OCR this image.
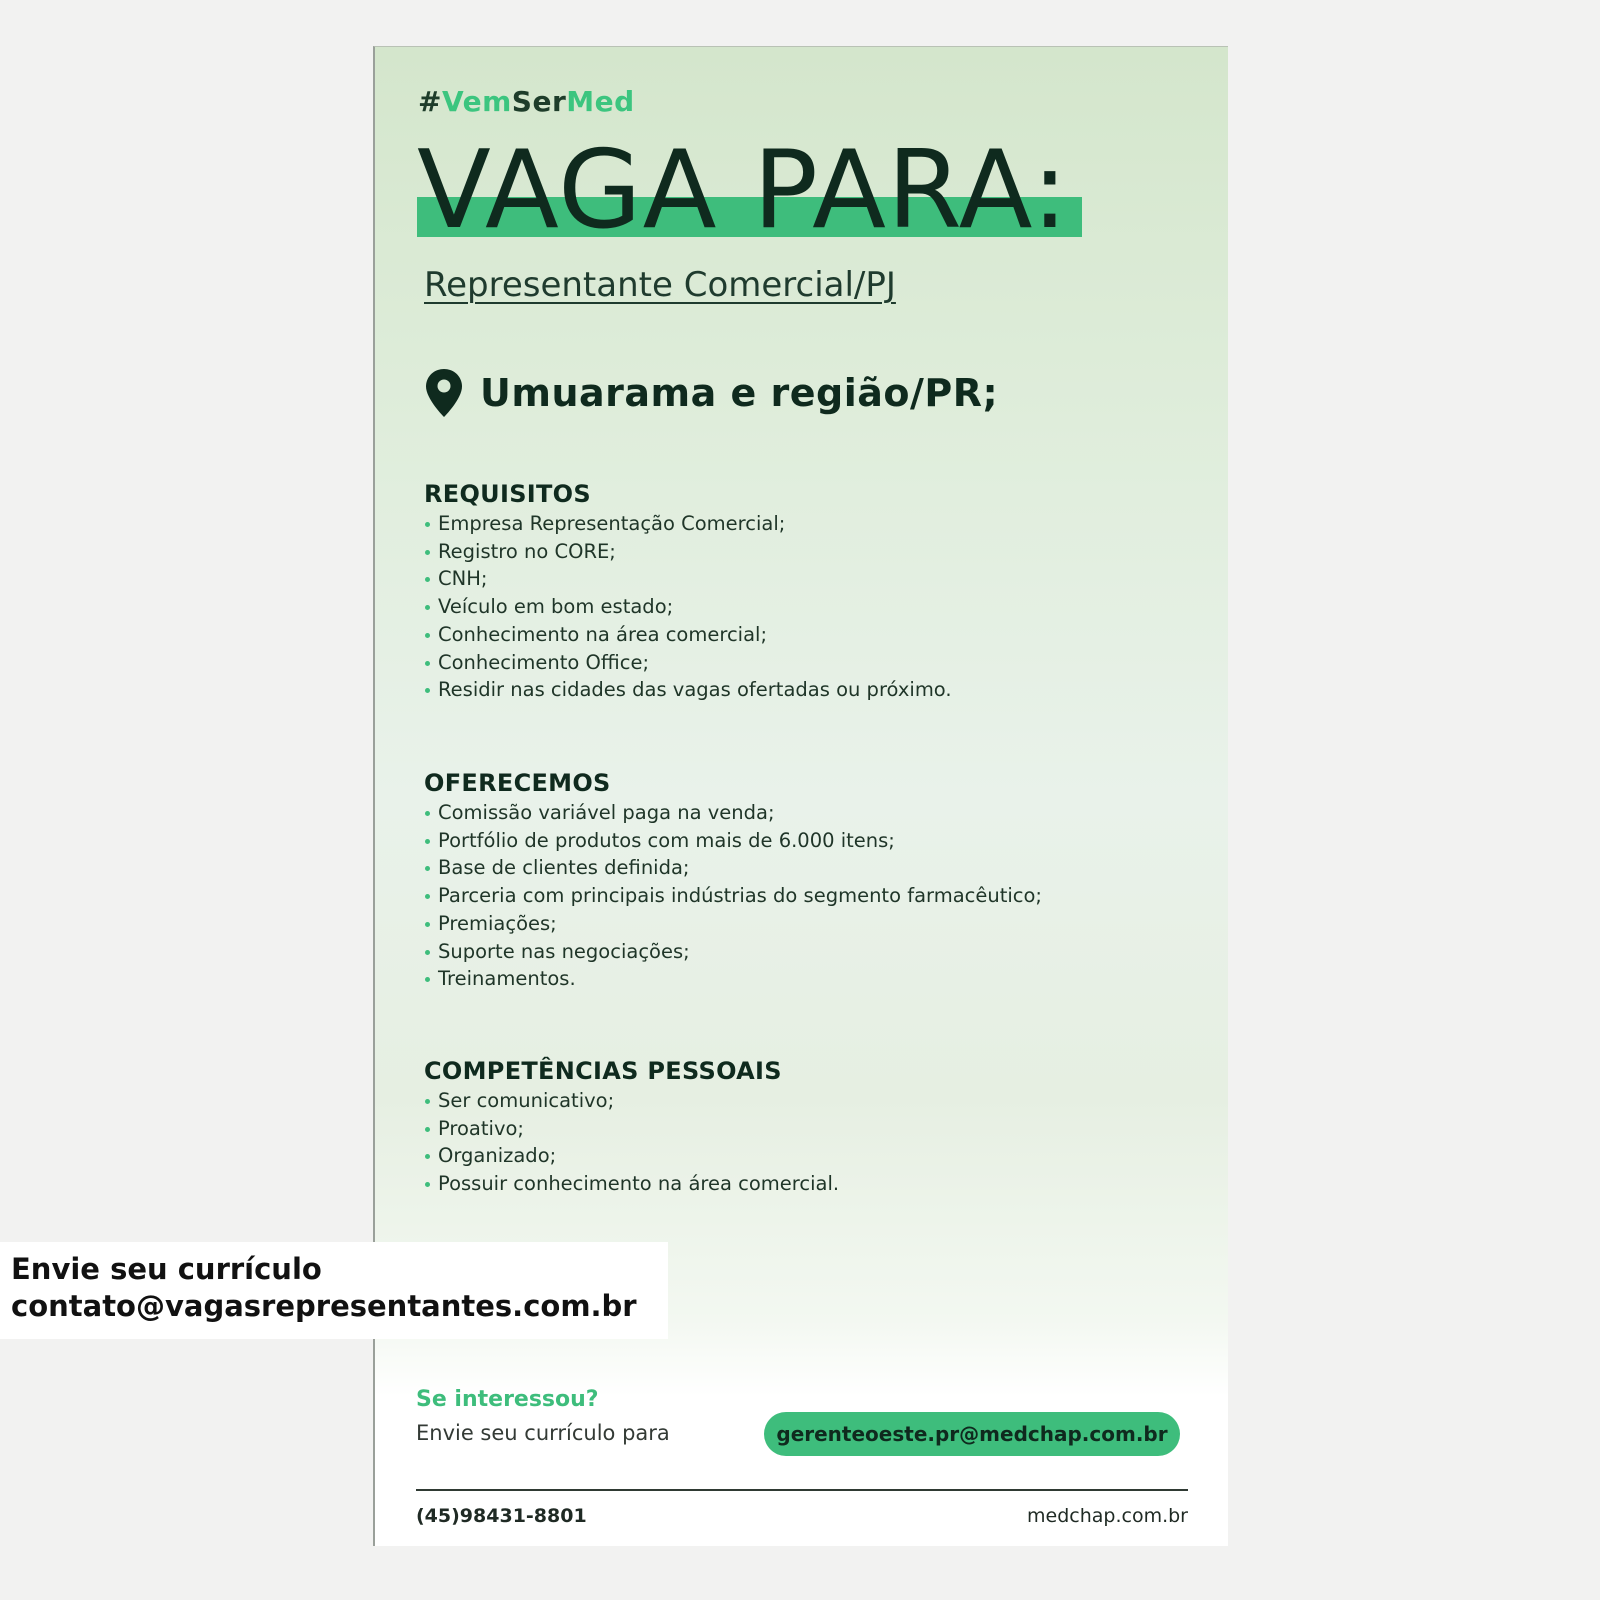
#VemSerMed
VAGA PARA:
Representante Comercial/PJ
Umuarama e região/PR;
REQUISITOS
Empresa Representação Comercial;
Registro no CORE;
CNH;
Veículo em bom estado;
Conhecimento na área comercial;
Conhecimento Office;
Residir nas cidades das vagas ofertadas ou próximo.
OFERECEMOS
Comissão variável paga na venda;
Portfólio de produtos com mais de 6.000 itens;
Base de clientes definida;
Parceria com principais indústrias do segmento farmacêutico;
Premiações;
Suporte nas negociações;
Treinamentos.
COMPETÊNCIAS PESSOAIS
Ser comunicativo;
Proativo;
Organizado;
Possuir conhecimento na área comercial.
Se interessou?
Envie seu currículo para	gerenteoeste.pr@medchap.com.br
(45)98431-8801	medchap.com.br
Envie seu currículo
contato@vagasrepresentantes.com.br
